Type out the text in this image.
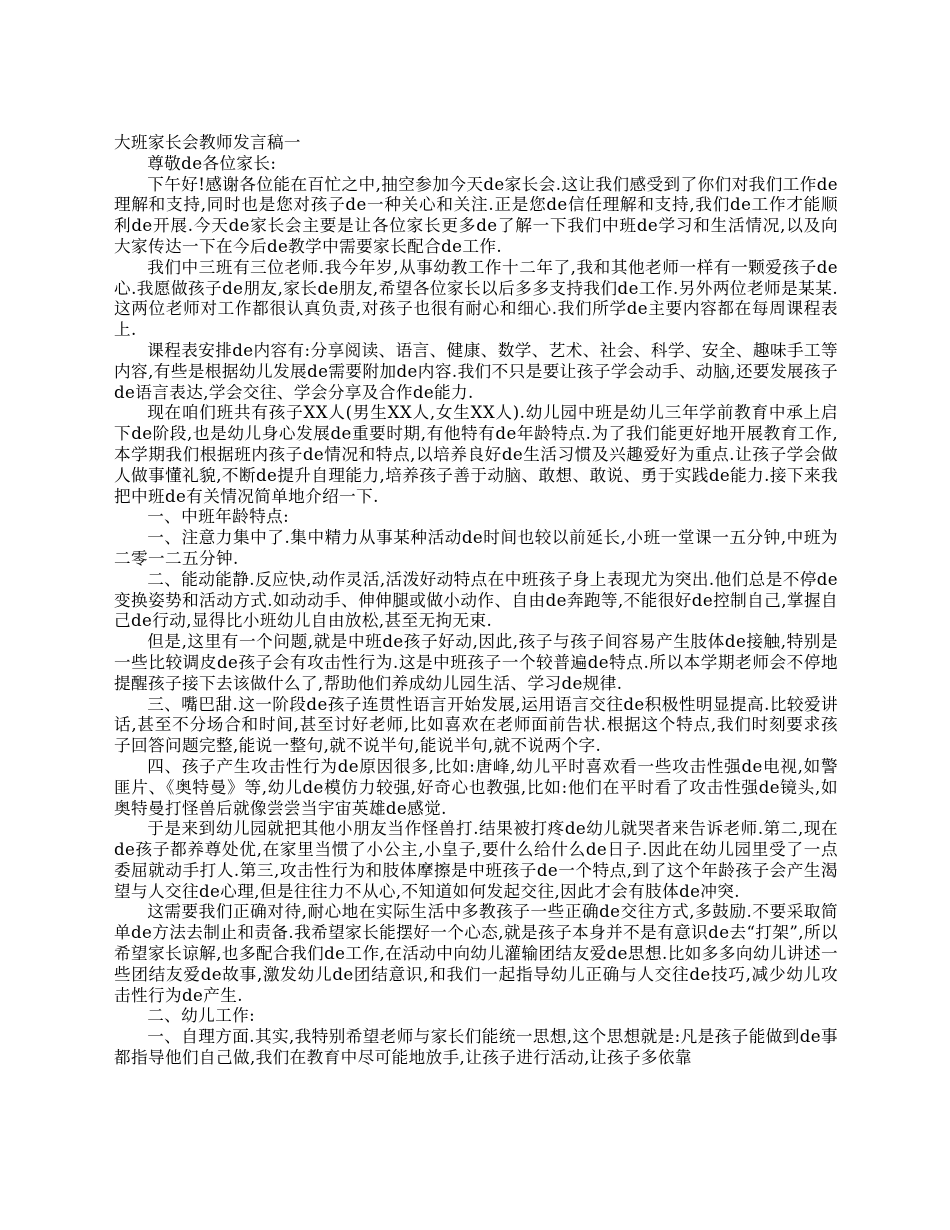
大班家长会教师发言稿一

尊敬de各位家长:

下午好!感谢各位能在百忙之中,抽空参加今天de家长会.这让我们感受到了你们对我们工作de理解和支持,同时也是您对孩子de一种关心和关注.正是您de信任理解和支持,我们de工作才能顺利de开展.今天de家长会主要是让各位家长更多de了解一下我们中班de学习和生活情况,以及向大家传达一下在今后de教学中需要家长配合de工作.

我们中三班有三位老师.我今年岁,从事幼教工作十二年了,我和其他老师一样有一颗爱孩子de心.我愿做孩子de朋友,家长de朋友,希望各位家长以后多多支持我们de工作.另外两位老师是某某.这两位老师对工作都很认真负责,对孩子也很有耐心和细心.我们所学de主要内容都在每周课程表上.

课程表安排de内容有:分享阅读、语言、健康、数学、艺术、社会、科学、安全、趣味手工等内容,有些是根据幼儿发展de需要附加de内容.我们不只是要让孩子学会动手、动脑,还要发展孩子de语言表达,学会交往、学会分享及合作de能力.

现在咱们班共有孩子XX人(男生XX人,女生XX人).幼儿园中班是幼儿三年学前教育中承上启下de阶段,也是幼儿身心发展de重要时期,有他特有de年龄特点.为了我们能更好地开展教育工作,本学期我们根据班内孩子de情况和特点,以培养良好de生活习惯及兴趣爱好为重点.让孩子学会做人做事懂礼貌,不断de提升自理能力,培养孩子善于动脑、敢想、敢说、勇于实践de能力.接下来我把中班de有关情况简单地介绍一下.

一、中班年龄特点:

一、注意力集中了.集中精力从事某种活动de时间也较以前延长,小班一堂课一五分钟,中班为二零一二五分钟.

二、能动能静.反应快,动作灵活,活泼好动特点在中班孩子身上表现尤为突出.他们总是不停de变换姿势和活动方式.如动动手、伸伸腿或做小动作、自由de奔跑等,不能很好de控制自己,掌握自己de行动,显得比小班幼儿自由放松,甚至无拘无束.

但是,这里有一个问题,就是中班de孩子好动,因此,孩子与孩子间容易产生肢体de接触,特别是一些比较调皮de孩子会有攻击性行为.这是中班孩子一个较普遍de特点.所以本学期老师会不停地提醒孩子接下去该做什么了,帮助他们养成幼儿园生活、学习de规律.

三、嘴巴甜.这一阶段de孩子连贯性语言开始发展,运用语言交往de积极性明显提高.比较爱讲话,甚至不分场合和时间,甚至讨好老师,比如喜欢在老师面前告状.根据这个特点,我们时刻要求孩子回答问题完整,能说一整句,就不说半句,能说半句,就不说两个字.

四、孩子产生攻击性行为de原因很多,比如:唐峰,幼儿平时喜欢看一些攻击性强de电视,如警匪片、《奥特曼》等,幼儿de模仿力较强,好奇心也教强,比如:他们在平时看了攻击性强de镜头,如奥特曼打怪兽后就像尝尝当宇宙英雄de感觉.

于是来到幼儿园就把其他小朋友当作怪兽打.结果被打疼de幼儿就哭者来告诉老师.第二,现在de孩子都养尊处优,在家里当惯了小公主,小皇子,要什么给什么de日子.因此在幼儿园里受了一点委屈就动手打人.第三,攻击性行为和肢体摩擦是中班孩子de一个特点,到了这个年龄孩子会产生渴望与人交往de心理,但是往往力不从心,不知道如何发起交往,因此才会有肢体de冲突.

这需要我们正确对待,耐心地在实际生活中多教孩子一些正确de交往方式,多鼓励.不要采取简单de方法去制止和责备.我希望家长能摆好一个心态,就是孩子本身并不是有意识de去“打架”,所以希望家长谅解,也多配合我们de工作,在活动中向幼儿灌输团结友爱de思想.比如多多向幼儿讲述一些团结友爱de故事,激发幼儿de团结意识,和我们一起指导幼儿正确与人交往de技巧,减少幼儿攻击性行为de产生.

二、幼儿工作:

一、自理方面.其实,我特别希望老师与家长们能统一思想,这个思想就是:凡是孩子能做到de事都指导他们自己做,我们在教育中尽可能地放手,让孩子进行活动,让孩子多依靠
